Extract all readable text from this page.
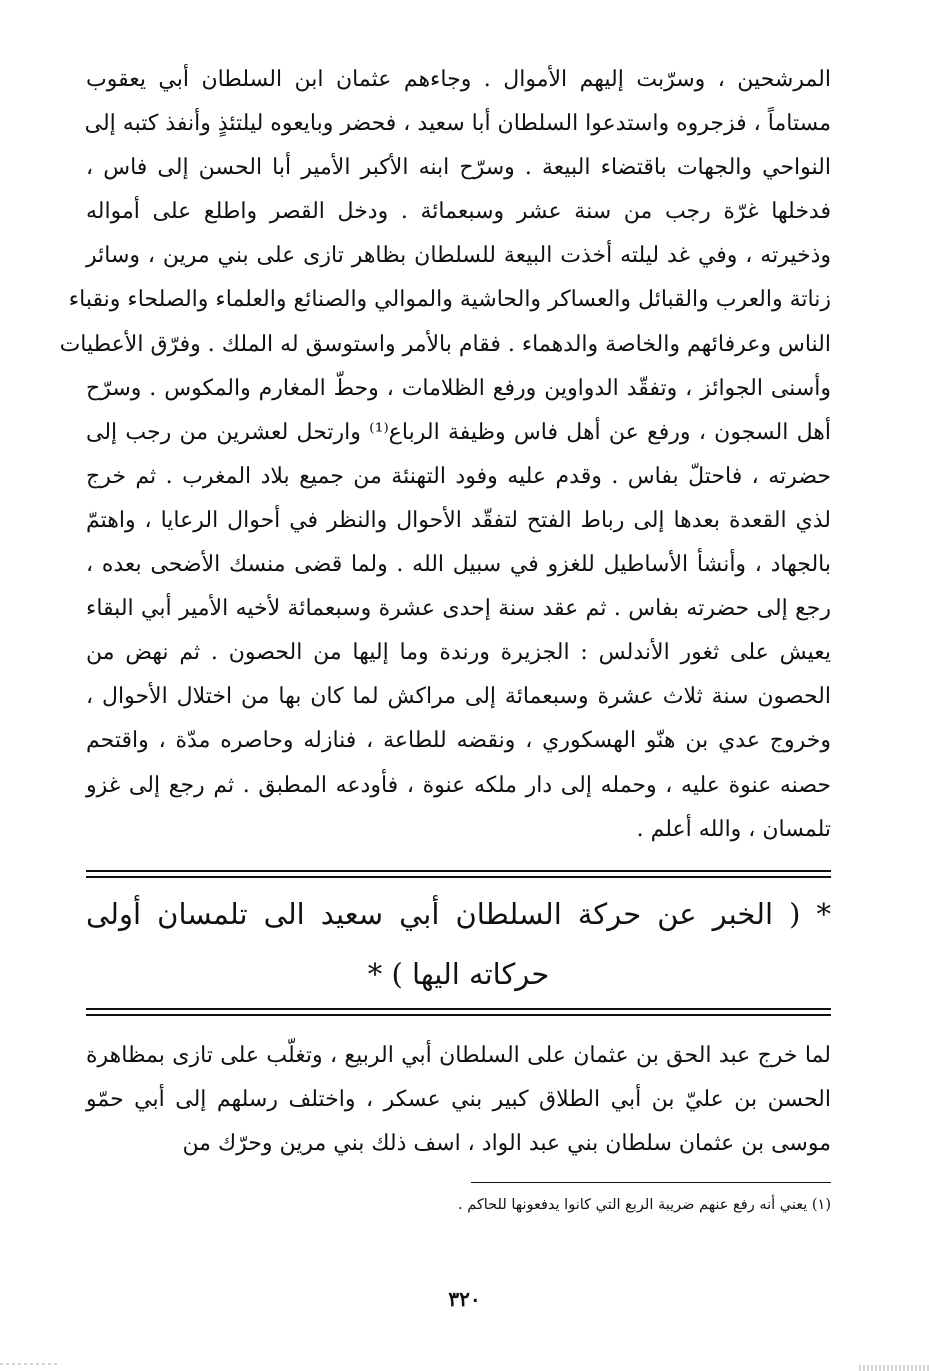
المرشحين ، وسرّبت إليهم الأموال . وجاءهم عثمان ابن السلطان أبي يعقوب
مستاماً ، فزجروه واستدعوا السلطان أبا سعيد ، فحضر وبايعوه ليلتئذٍ وأنفذ كتبه إلى
النواحي والجهات باقتضاء البيعة . وسرّح ابنه الأكبر الأمير أبا الحسن إلى فاس ،
فدخلها غرّة رجب من سنة عشر وسبعمائة . ودخل القصر واطلع على أمواله
وذخيرته ، وفي غد ليلته أخذت البيعة للسلطان بظاهر تازى على بني مرين ، وسائر
زناتة والعرب والقبائل والعساكر والحاشية والموالي والصنائع والعلماء والصلحاء ونقباء
الناس وعرفائهم والخاصة والدهماء . فقام بالأمر واستوسق له الملك . وفرّق الأعطيات
وأسنى الجوائز ، وتفقّد الدواوين ورفع الظلامات ، وحطّ المغارم والمكوس . وسرّح
أهل السجون ، ورفع عن أهل فاس وظيفة الرباع⁽¹⁾ وارتحل لعشرين من رجب إلى
حضرته ، فاحتلّ بفاس . وقدم عليه وفود التهنئة من جميع بلاد المغرب . ثم خرج
لذي القعدة بعدها إلى رباط الفتح لتفقّد الأحوال والنظر في أحوال الرعايا ، واهتمّ
بالجهاد ، وأنشأ الأساطيل للغزو في سبيل الله . ولما قضى منسك الأضحى بعده ،
رجع إلى حضرته بفاس . ثم عقد سنة إحدى عشرة وسبعمائة لأخيه الأمير أبي البقاء
يعيش على ثغور الأندلس : الجزيرة ورندة وما إليها من الحصون . ثم نهض من
الحصون سنة ثلاث عشرة وسبعمائة إلى مراكش لما كان بها من اختلال الأحوال ،
وخروج عدي بن هنّو الهسكوري ، ونقضه للطاعة ، فنازله وحاصره مدّة ، واقتحم
حصنه عنوة عليه ، وحمله إلى دار ملكه عنوة ، فأودعه المطبق . ثم رجع إلى غزو
تلمسان ، والله أعلم .
* ( الخبر عن حركة السلطان أبي سعيد الى تلمسان أولى
حركاته اليها ) *
لما خرج عبد الحق بن عثمان على السلطان أبي الربيع ، وتغلّب على تازى بمظاهرة
الحسن بن عليّ بن أبي الطلاق كبير بني عسكر ، واختلف رسلهم إلى أبي حمّو
موسى بن عثمان سلطان بني عبد الواد ، اسف ذلك بني مرين وحرّك من

(١) يعني أنه رفع عنهم ضريبة الربع التي كانوا يدفعونها للحاكم .

٣٢٠
